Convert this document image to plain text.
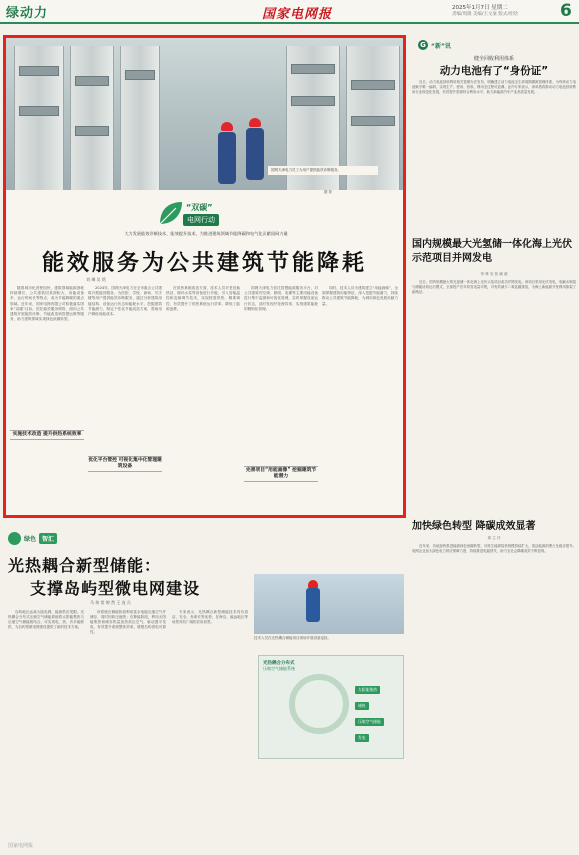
绿动力	国家电网报	2025年1月7日 星期二
责编/周溦 美编/王文豪 版式/杜晗 6
国网天津电力员工为用户提供能效诊断服务。
摄 影
“双碳”
电网行动
大力发展能效诊断技术、能效提升技术，为推进建筑领域节能降碳和电气化贡献国网力量
能效服务为公共建筑节能降耗
刘 琳 吴 铭
随着城市化进程加快，建筑领域能源消耗持续增长，公共建筑因其面积大、用能设备多、运行时间长等特点，成为节能降碳的重点领域。近年来，国家电网有限公司积极落实国家“双碳”目标，依托能效服务网络，面向公共建筑开展能效诊断、节能改造和智慧运维等服务，助力建筑领域实现绿色低碳转型。
2024年，国网天津电力在全市重点公共建筑开展能效服务，为医院、学校、商场、写字楼等用户提供能效诊断服务，通过分析建筑用能结构、设备运行状态和能耗水平，挖掘建筑节能潜力，制定个性化节能改造方案，帮助用户降低用能成本。
在供热系统改造方面，技术人员对老旧换热站、循环水泵等设备进行升级，引入智能温控和变频调节技术，实现按需供热、精准调控，有效提升了供热系统运行效率，降低了能源浪费。
国网天津电力依托智慧能源服务平台，对公共建筑内空调、照明、电梯等主要用能设备进行集中监测和可视化管理，实时掌握设备运行状态，及时发现并处理异常，实现建筑能耗的精细化管理。
同时，技术人员为建筑建立“用能画像”，全面掌握建筑用能特征，深入挖掘节能潜力，持续推动公共建筑节能降耗，为城市绿色发展贡献力量。
实施技术改造 提升供热系统效率
优化平台管控 可视化集中化管理建筑设备
完善项目“用能画像” 挖掘建筑节能潜力
G “新”讯
健全回收利用体系
动力电池有了“身份证”
近日，动力电池回收利用相关管理办法发布，明确建立动力电池全生命周期溯源管理体系，为每块动力电池赋予唯一编码，实现生产、使用、回收、利用全过程可追溯。业内专家表示，该举措将推动动力电池回收利用行业规范化发展，有效提升资源综合利用水平，助力新能源汽车产业高质量发展。
国内规模最大光氢储一体化海上光伏示范项目并网发电
李 林 吴 张 晓 斌
近日，国内规模最大的光氢储一体化海上光伏示范项目成功并网发电。该项目采用光伏发电、电解水制氢与储能协同运行模式，全部投产后年均发电量可观，可有效减少二氧化碳排放，为海上新能源开发利用探索了新路径。
加快绿色转型 降碳成效显著
周 立 洋
近年来，各地加快推进能源绿色低碳转型，可再生能源装机规模持续扩大，清洁能源消费占比稳步提升。电网企业加大绿色电力供应保障力度，持续推进电能替代，助力全社会降碳成效不断显现。
绿色	智汇
光热耦合新型储能：
支撑岛屿型微电网建设
马 伟 常 婷 然 王 连 兵
岛屿地区远离大陆电网，能源供应受限。光热耦合分布式压缩空气储能系统将太阳能集热与压缩空气储能相结合，可实现电、热、冷多能联供，为岛屿型微电网建设提供了新的技术方案。
该系统在储能阶段利用富余电能压缩空气并储存，同时回收压缩热；在释能阶段，利用太阳能集热和储存热量加热高压空气，驱动透平发电，有效提升系统整体效率，增强岛屿供电可靠性。
专家表示，光热耦合新型储能技术具有清洁、安全、寿命长等优势，在海岛、偏远地区等场景具有广阔的应用前景。
技术人员在光热耦合储能项目现场开展设备巡检。
光热耦合分布式
压缩空气储能系统
太阳能集热
储热
压缩空气储能
发电
国家电网报
